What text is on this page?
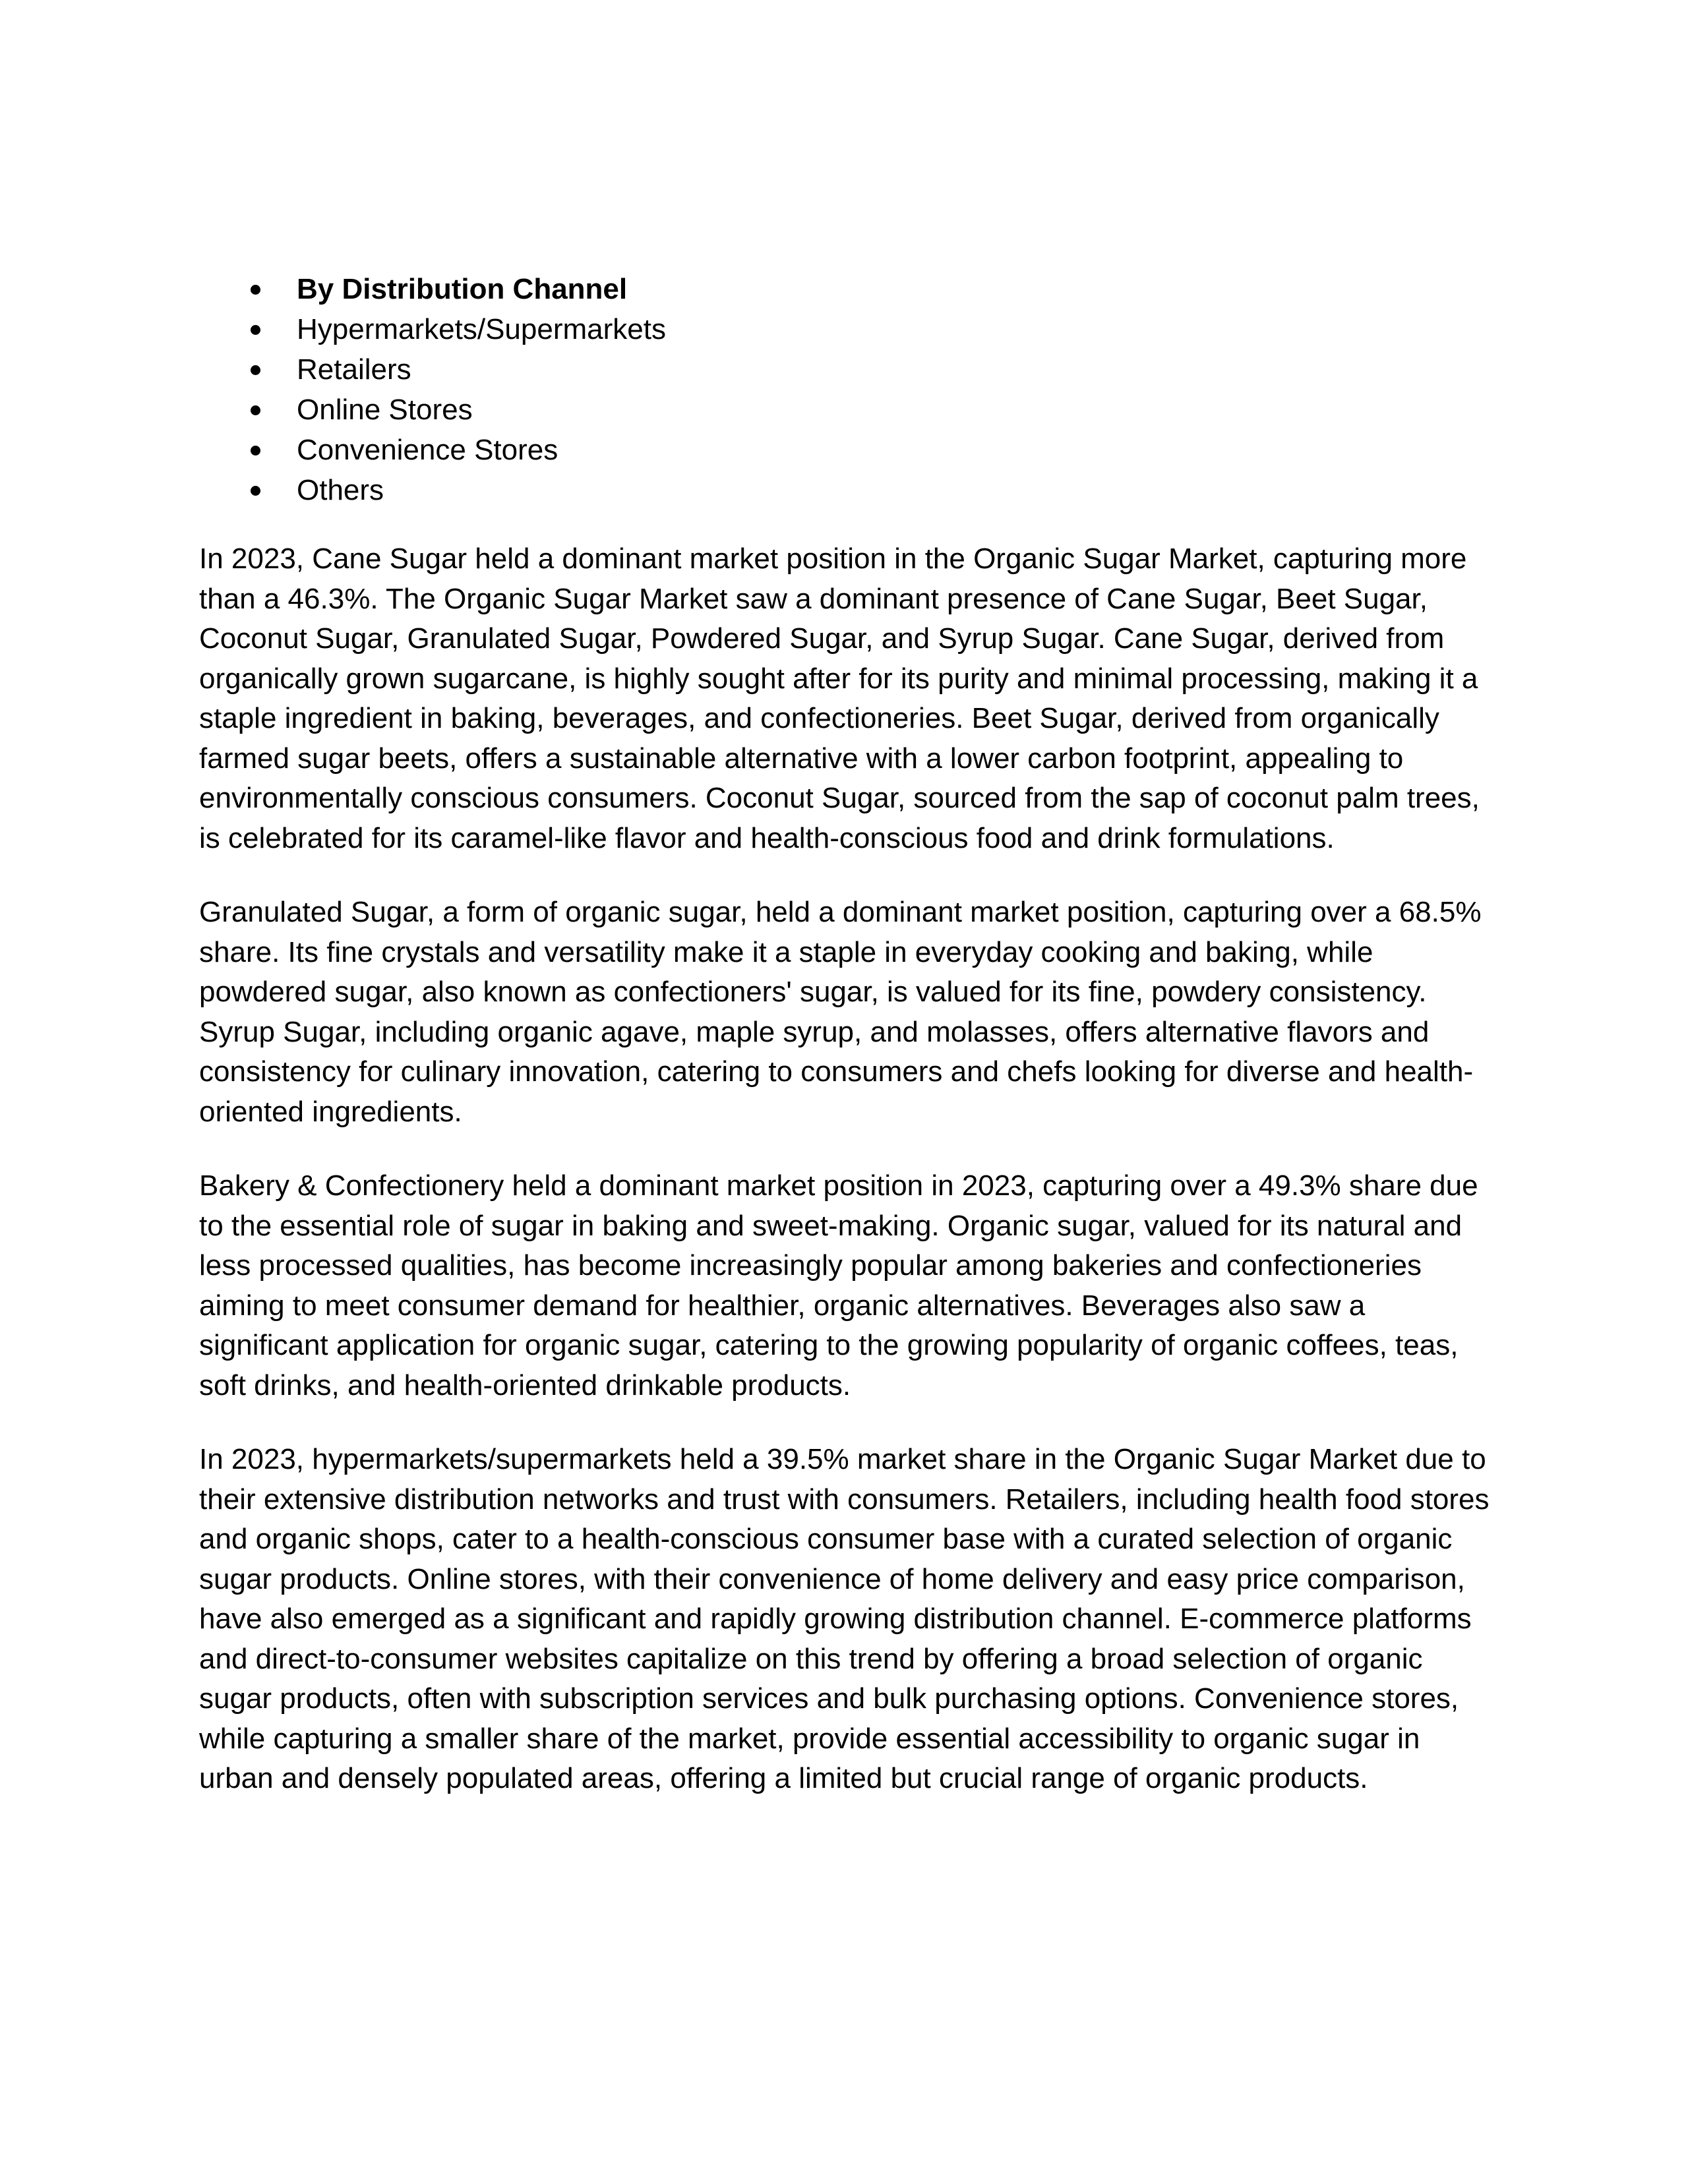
By Distribution Channel
Hypermarkets/Supermarkets
Retailers
Online Stores
Convenience Stores
Others

In 2023, Cane Sugar held a dominant market position in the Organic Sugar Market, capturing more than a 46.3%. The Organic Sugar Market saw a dominant presence of Cane Sugar, Beet Sugar, Coconut Sugar, Granulated Sugar, Powdered Sugar, and Syrup Sugar. Cane Sugar, derived from organically grown sugarcane, is highly sought after for its purity and minimal processing, making it a staple ingredient in baking, beverages, and confectioneries. Beet Sugar, derived from organically farmed sugar beets, offers a sustainable alternative with a lower carbon footprint, appealing to environmentally conscious consumers. Coconut Sugar, sourced from the sap of coconut palm trees, is celebrated for its caramel-like flavor and health-conscious food and drink formulations.

Granulated Sugar, a form of organic sugar, held a dominant market position, capturing over a 68.5% share. Its fine crystals and versatility make it a staple in everyday cooking and baking, while powdered sugar, also known as confectioners' sugar, is valued for its fine, powdery consistency. Syrup Sugar, including organic agave, maple syrup, and molasses, offers alternative flavors and consistency for culinary innovation, catering to consumers and chefs looking for diverse and health-oriented ingredients.

Bakery & Confectionery held a dominant market position in 2023, capturing over a 49.3% share due to the essential role of sugar in baking and sweet-making. Organic sugar, valued for its natural and less processed qualities, has become increasingly popular among bakeries and confectioneries aiming to meet consumer demand for healthier, organic alternatives. Beverages also saw a significant application for organic sugar, catering to the growing popularity of organic coffees, teas, soft drinks, and health-oriented drinkable products.

In 2023, hypermarkets/supermarkets held a 39.5% market share in the Organic Sugar Market due to their extensive distribution networks and trust with consumers. Retailers, including health food stores and organic shops, cater to a health-conscious consumer base with a curated selection of organic sugar products. Online stores, with their convenience of home delivery and easy price comparison, have also emerged as a significant and rapidly growing distribution channel. E-commerce platforms and direct-to-consumer websites capitalize on this trend by offering a broad selection of organic sugar products, often with subscription services and bulk purchasing options. Convenience stores, while capturing a smaller share of the market, provide essential accessibility to organic sugar in urban and densely populated areas, offering a limited but crucial range of organic products.
